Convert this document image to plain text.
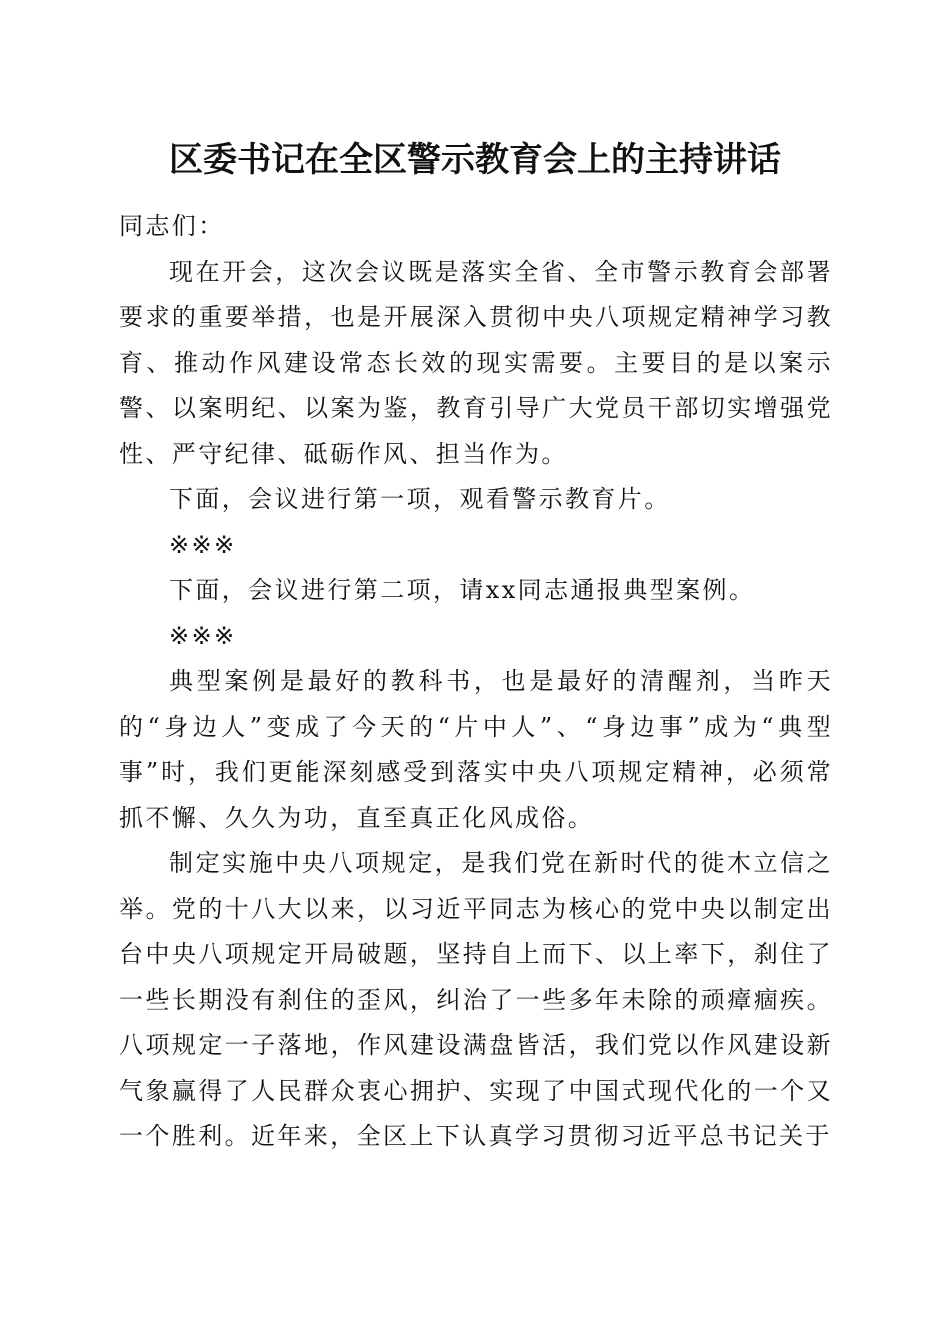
区委书记在全区警示教育会上的主持讲话

同志们：

现在开会，这次会议既是落实全省、全市警示教育会部署要求的重要举措，也是开展深入贯彻中央八项规定精神学习教育、推动作风建设常态长效的现实需要。主要目的是以案示警、以案明纪、以案为鉴，教育引导广大党员干部切实增强党性、严守纪律、砥砺作风、担当作为。

下面，会议进行第一项，观看警示教育片。

※※※

下面，会议进行第二项，请xx同志通报典型案例。

※※※

典型案例是最好的教科书，也是最好的清醒剂，当昨天的“身边人”变成了今天的“片中人”、“身边事”成为“典型事”时，我们更能深刻感受到落实中央八项规定精神，必须常抓不懈、久久为功，直至真正化风成俗。

制定实施中央八项规定，是我们党在新时代的徙木立信之举。党的十八大以来，以习近平同志为核心的党中央以制定出台中央八项规定开局破题，坚持自上而下、以上率下，刹住了一些长期没有刹住的歪风，纠治了一些多年未除的顽瘴痼疾。八项规定一子落地，作风建设满盘皆活，我们党以作风建设新气象赢得了人民群众衷心拥护、实现了中国式现代化的一个又一个胜利。近年来，全区上下认真学习贯彻习近平总书记关于
